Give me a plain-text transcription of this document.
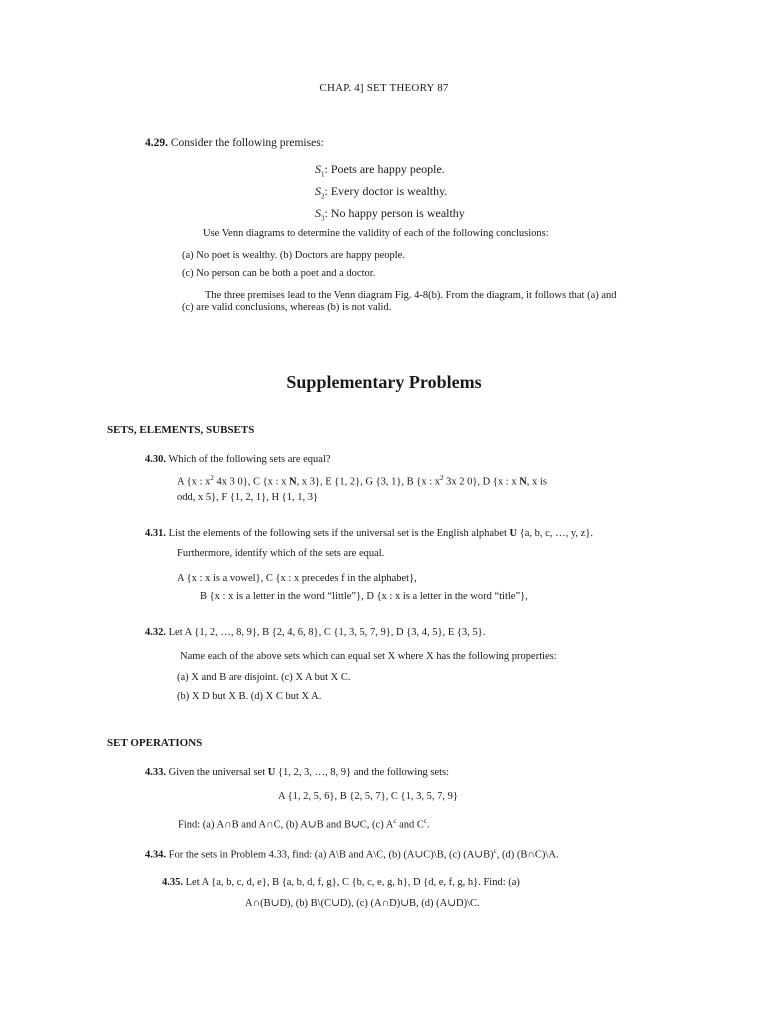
CHAP. 4] SET THEORY 87
4.29. Consider the following premises:
$S_1$: Poets are happy people.
$S_2$: Every doctor is wealthy.
$S_3$: No happy person is wealthy
Use Venn diagrams to determine the validity of each of the following conclusions:
(a) No poet is wealthy. (b) Doctors are happy people.
(c) No person can be both a poet and a doctor.
The three premises lead to the Venn diagram Fig. 4-8(b). From the diagram, it follows that (a) and
(c) are valid conclusions, whereas (b) is not valid.
Supplementary Problems
SETS, ELEMENTS, SUBSETS
4.30. Which of the following sets are equal?
A {x : $x^2$ 4x 3 0}, C {x : x N, x 3}, E {1, 2}, G {3, 1}, B {x : $x^2$ 3x 2 0}, D {x : x N, x is
odd, x 5}, F {1, 2, 1}, H {1, 1, 3}
4.31. List the elements of the following sets if the universal set is the English alphabet U {a, b, c, …, y, z}.
Furthermore, identify which of the sets are equal.
A {x : x is a vowel}, C {x : x precedes f in the alphabet},
B {x : x is a letter in the word “little”}, D {x : x is a letter in the word “title”},
4.32. Let A {1, 2, …, 8, 9}, B {2, 4, 6, 8}, C {1, 3, 5, 7, 9}, D {3, 4, 5}, E {3, 5}.
Name each of the above sets which can equal set X where X has the following properties:
(a) X and B are disjoint. (c) X A but X C.
(b) X D but X B. (d) X C but X A.
SET OPERATIONS
4.33. Given the universal set U {1, 2, 3, …, 8, 9} and the following sets:
A {1, 2, 5, 6}, B {2, 5, 7}, C {1, 3, 5, 7, 9}
Find: (a) A∩B and A∩C, (b) A∪B and B∪C, (c) $A^c$ and $C^c$.
4.34. For the sets in Problem 4.33, find: (a) A\B and A\C, (b) (A∪C)\B, (c) (A∪B)$^c$, (d) (B∩C)\A.
4.35. Let A {a, b, c, d, e}, B {a, b, d, f, g}, C {b, c, e, g, h}, D {d, e, f, g, h}. Find: (a)
A∩(B∪D), (b) B\(C∪D), (c) (A∩D)∪B, (d) (A∪D)\C.
